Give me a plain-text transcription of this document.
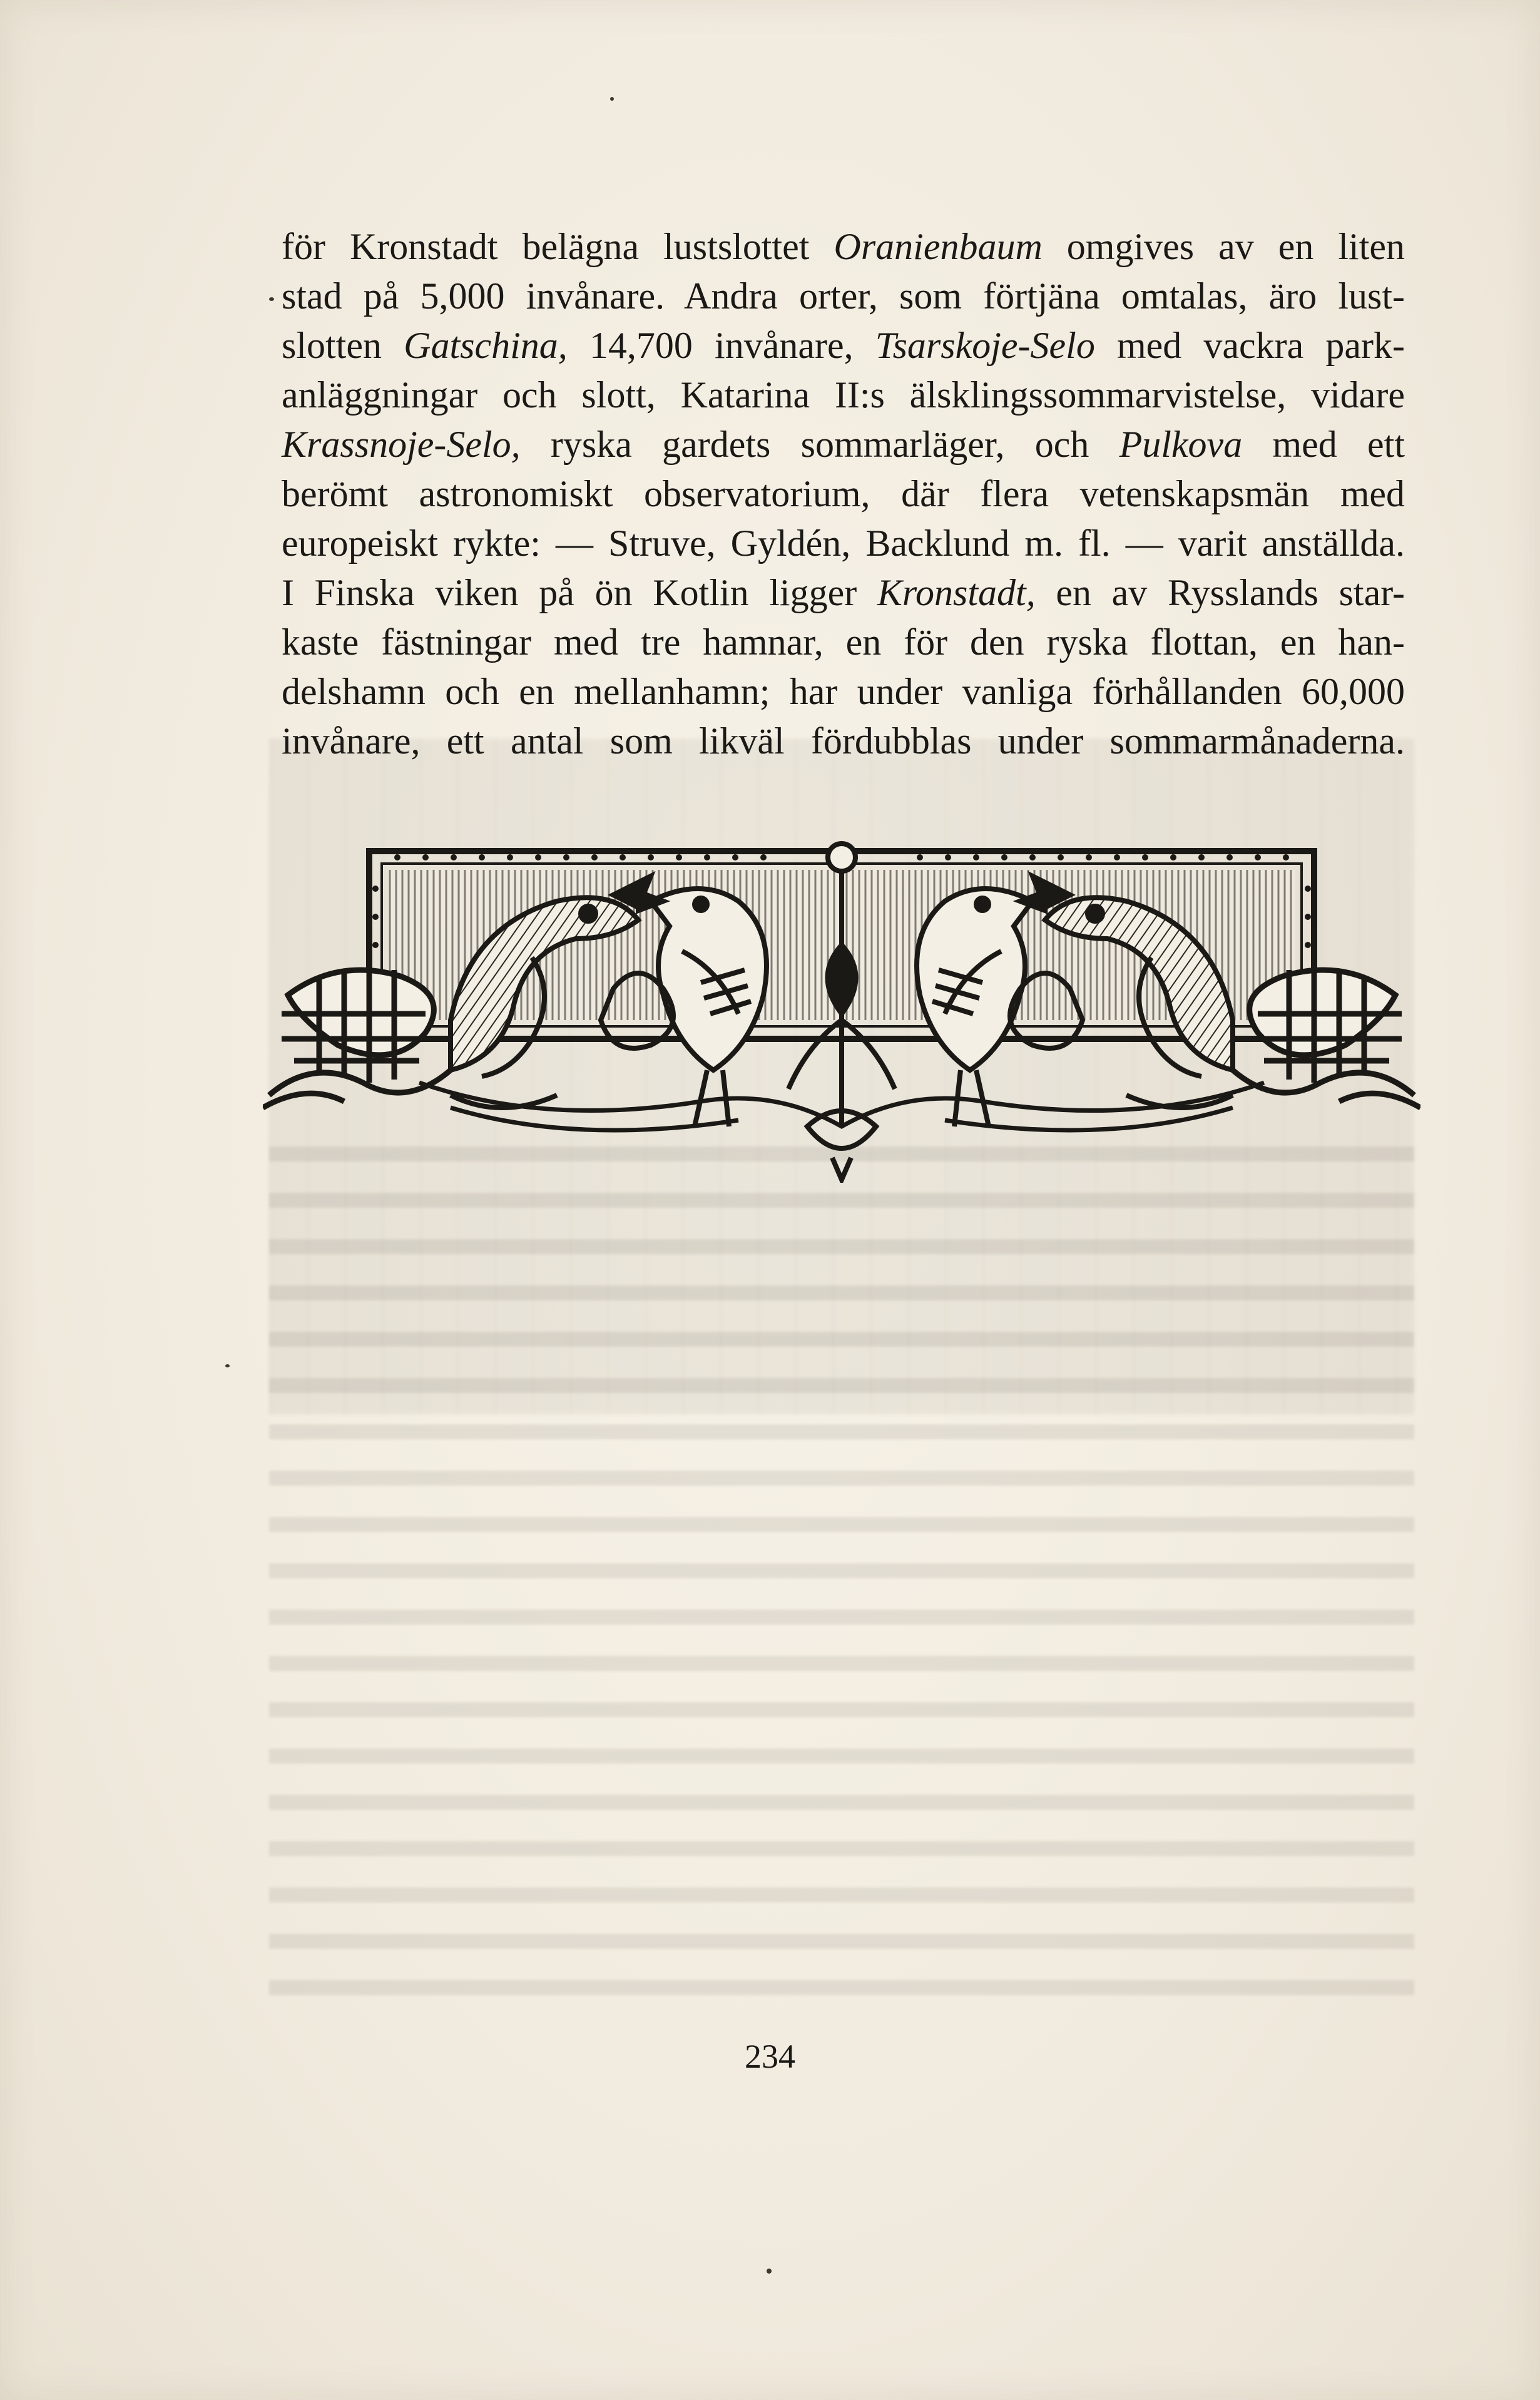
för Kronstadt belägna lustslottet Oranienbaum omgives av en liten
stad på 5,000 invånare. Andra orter, som förtjäna omtalas, äro lust-
slotten Gatschina, 14,700 invånare, Tsarskoje-Selo med vackra park-
anläggningar och slott, Katarina II:s älsklingssommarvistelse, vidare
Krassnoje-Selo, ryska gardets sommarläger, och Pulkova med ett
berömt astronomiskt observatorium, där flera vetenskapsmän med
europeiskt rykte: — Struve, Gyldén, Backlund m. fl. — varit anställda.
I Finska viken på ön Kotlin ligger Kronstadt, en av Rysslands star-
kaste fästningar med tre hamnar, en för den ryska flottan, en han-
delshamn och en mellanhamn; har under vanliga förhållanden 60,000
invånare, ett antal som likväl fördubblas under sommarmånaderna.
234
